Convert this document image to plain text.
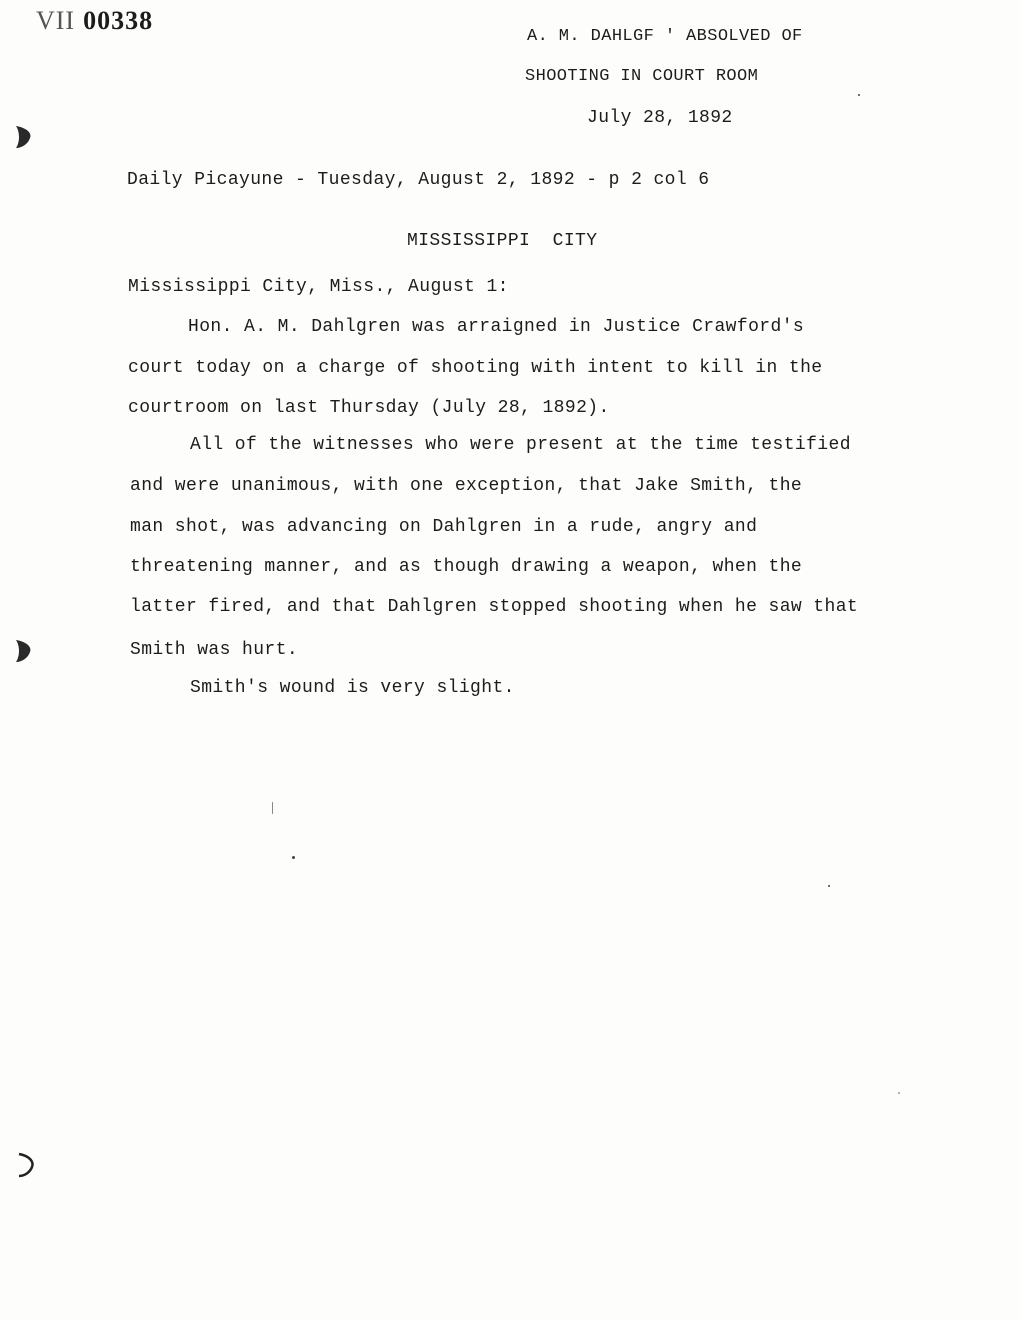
VII 00338
A. M. DAHLGF ' ABSOLVED OF
SHOOTING IN COURT ROOM
July 28, 1892
Daily Picayune - Tuesday, August 2, 1892 - p 2 col 6
MISSISSIPPI  CITY
Mississippi City, Miss., August 1:
Hon. A. M. Dahlgren was arraigned in Justice Crawford's
court today on a charge of shooting with intent to kill in the
courtroom on last Thursday (July 28, 1892).
All of the witnesses who were present at the time testified
and were unanimous, with one exception, that Jake Smith, the
man shot, was advancing on Dahlgren in a rude, angry and
threatening manner, and as though drawing a weapon, when the
latter fired, and that Dahlgren stopped shooting when he saw that
Smith was hurt.
Smith's wound is very slight.
